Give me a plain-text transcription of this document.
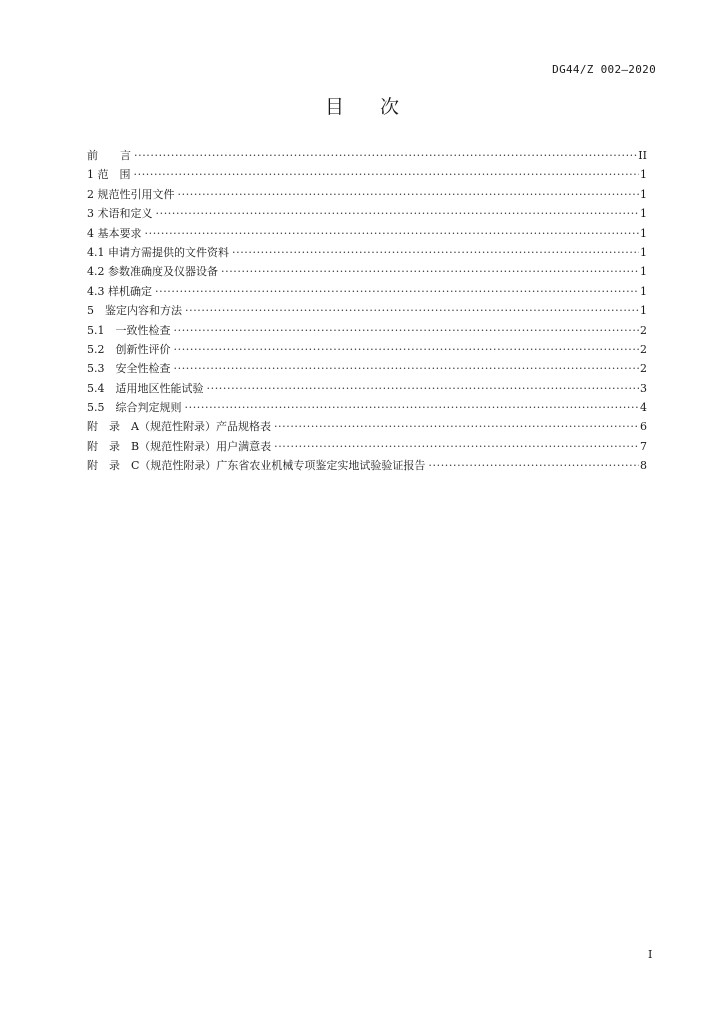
DG44/Z 002—2020
目 次
前　　言 ·····	II
1 范　围 ·····	1
2 规范性引用文件 ·····	1
3 术语和定义 ·····	1
4 基本要求 ·····	1
4.1 申请方需提供的文件资料 ·····	1
4.2 参数准确度及仪器设备 ·····	1
4.3 样机确定 ·····	1
5　鉴定内容和方法 ·····	1
5.1　一致性检查 ·····	2
5.2　创新性评价 ·····	2
5.3　安全性检查 ·····	2
5.4　适用地区性能试验 ·····	3
5.5　综合判定规则 ·····	4
附　录　A（规范性附录）产品规格表 ·····	6
附　录　B（规范性附录）用户满意表 ·····	7
附　录　C（规范性附录）广东省农业机械专项鉴定实地试验验证报告 ·····	8
I
